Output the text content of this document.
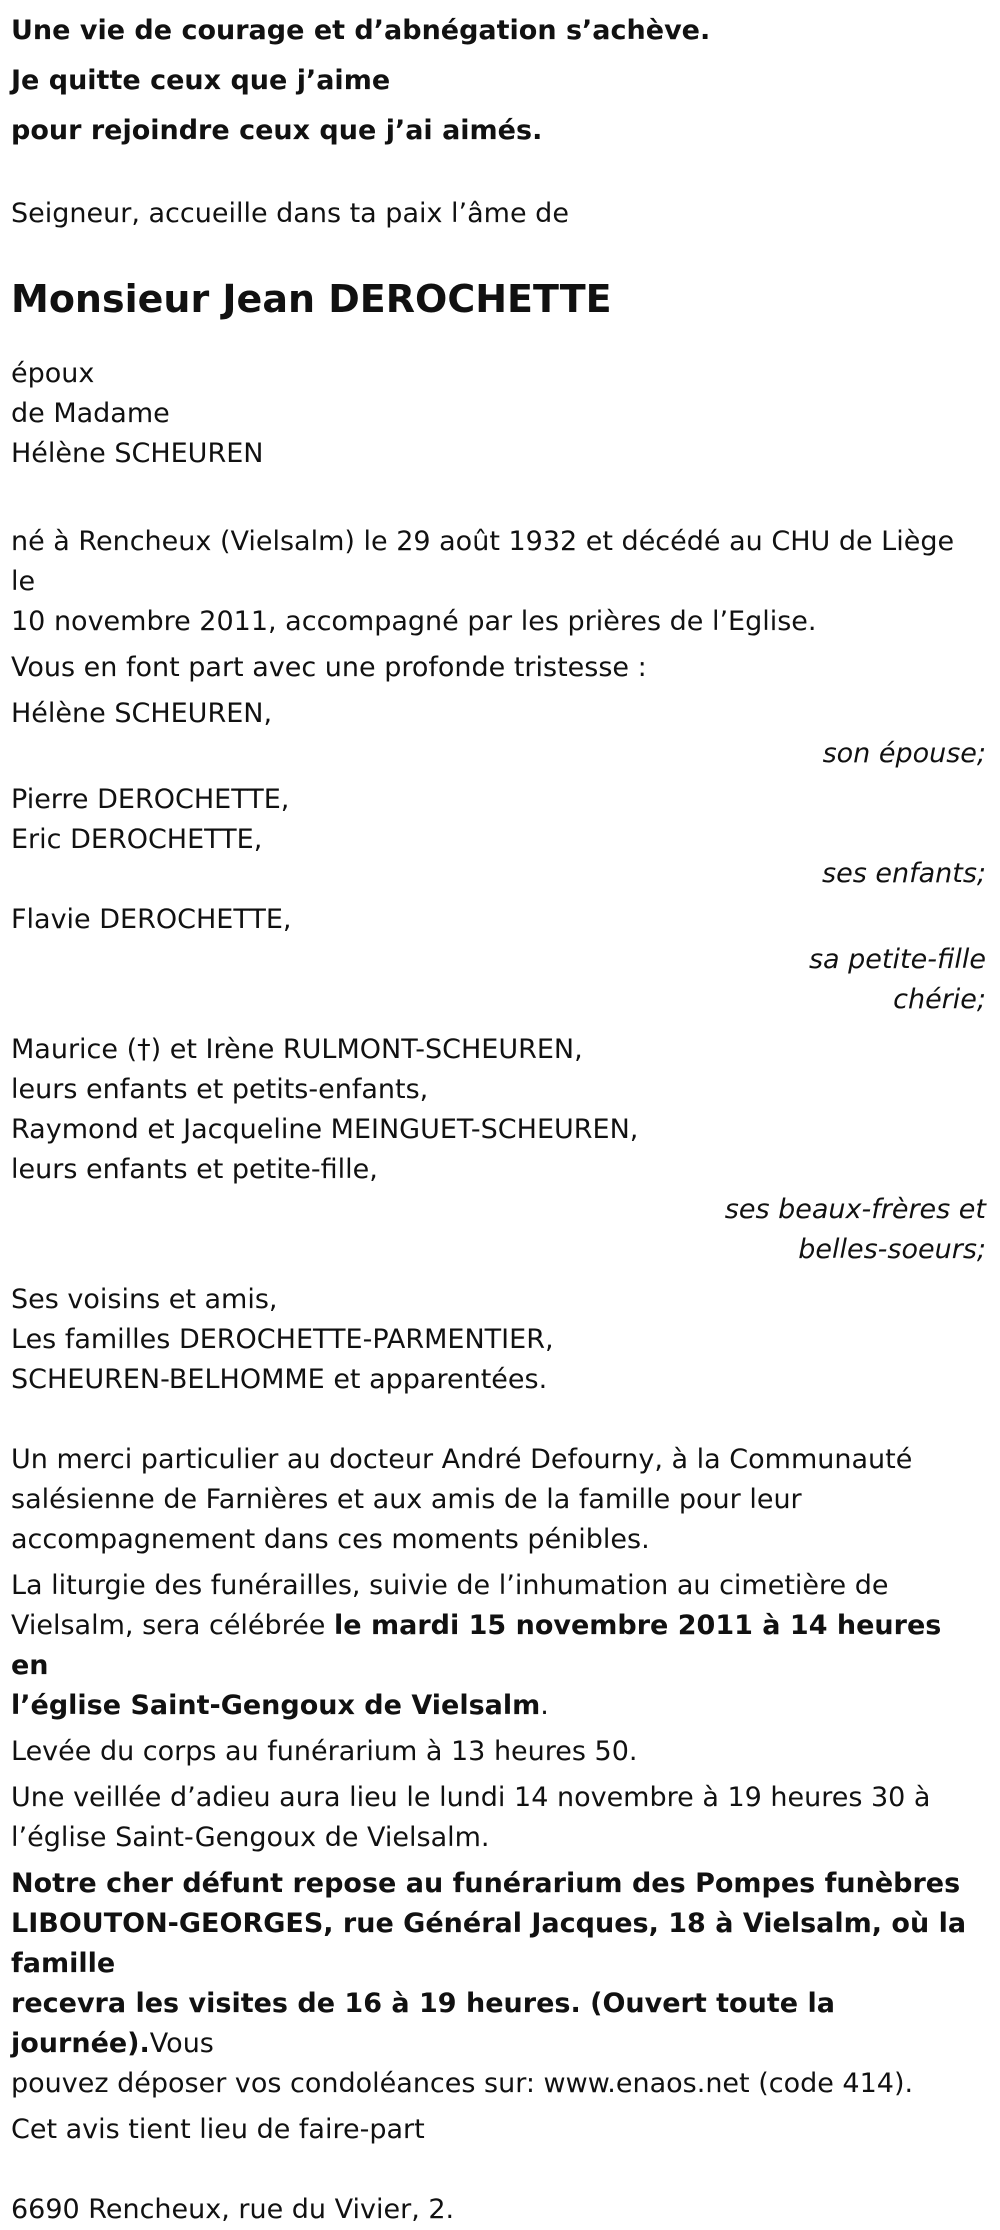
Une vie de courage et d’abnégation s’achève.

Je quitte ceux que j’aime

pour rejoindre ceux que j’ai aimés.

Seigneur, accueille dans ta paix l’âme de

Monsieur Jean DEROCHETTE

époux

de Madame

Hélène SCHEUREN

né à Rencheux (Vielsalm) le 29 août 1932 et décédé au CHU de Liège le

10 novembre 2011, accompagné par les prières de l’Eglise.

Vous en font part avec une profonde tristesse :

Hélène SCHEUREN,

son épouse;

Pierre DEROCHETTE,

Eric DEROCHETTE,

ses enfants;

Flavie DEROCHETTE,

sa petite-fille

chérie;

Maurice (†) et Irène RULMONT-SCHEUREN,

leurs enfants et petits-enfants,

Raymond et Jacqueline MEINGUET-SCHEUREN,

leurs enfants et petite-fille,

ses beaux-frères et

belles-soeurs;

Ses voisins et amis,

Les familles DEROCHETTE-PARMENTIER,

SCHEUREN-BELHOMME et apparentées.

Un merci particulier au docteur André Defourny, à la Communauté

salésienne de Farnières et aux amis de la famille pour leur

accompagnement dans ces moments pénibles.

La liturgie des funérailles, suivie de l’inhumation au cimetière de

Vielsalm, sera célébrée le mardi 15 novembre 2011 à 14 heures en

l’église Saint-Gengoux de Vielsalm.

Levée du corps au funérarium à 13 heures 50.

Une veillée d’adieu aura lieu le lundi 14 novembre à 19 heures 30 à

l’église Saint-Gengoux de Vielsalm.

Notre cher défunt repose au funérarium des Pompes funèbres

LIBOUTON-GEORGES, rue Général Jacques, 18 à Vielsalm, où la famille

recevra les visites de 16 à 19 heures. (Ouvert toute la journée).Vous

pouvez déposer vos condoléances sur: www.enaos.net (code 414).

Cet avis tient lieu de faire-part

6690 Rencheux, rue du Vivier, 2.
